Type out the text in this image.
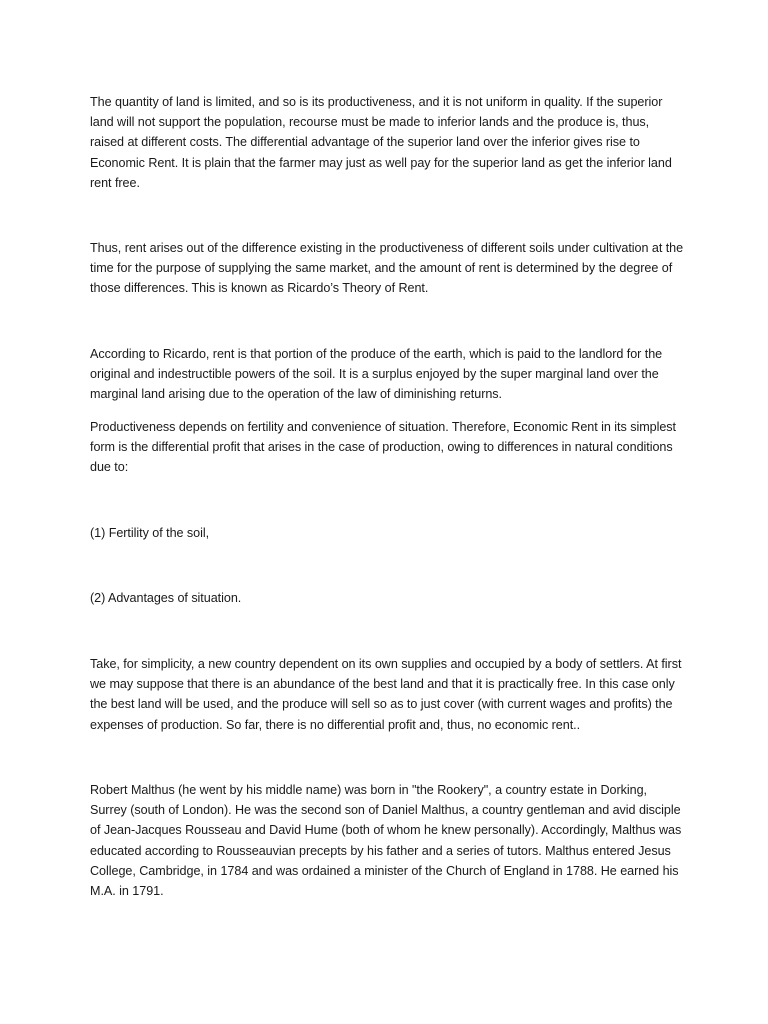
The quantity of land is limited, and so is its productiveness, and it is not uniform in quality. If the superior land will not support the population, recourse must be made to inferior lands and the produce is, thus, raised at different costs. The differential advantage of the superior land over the inferior gives rise to Economic Rent. It is plain that the farmer may just as well pay for the superior land as get the inferior land rent free.

Thus, rent arises out of the difference existing in the productiveness of different soils under cultivation at the time for the purpose of supplying the same market, and the amount of rent is determined by the degree of those differences. This is known as Ricardo’s Theory of Rent.

According to Ricardo, rent is that portion of the produce of the earth, which is paid to the landlord for the original and indestructible powers of the soil. It is a surplus enjoyed by the super marginal land over the marginal land arising due to the operation of the law of diminishing returns.

Productiveness depends on fertility and convenience of situation. Therefore, Economic Rent in its simplest form is the differential profit that arises in the case of production, owing to differences in natural conditions due to:

(1) Fertility of the soil,

(2) Advantages of situation.

Take, for simplicity, a new country dependent on its own supplies and occupied by a body of settlers. At first we may suppose that there is an abundance of the best land and that it is practically free. In this case only the best land will be used, and the produce will sell so as to just cover (with current wages and profits) the expenses of production. So far, there is no differential profit and, thus, no economic rent..

Robert Malthus (he went by his middle name) was born in "the Rookery", a country estate in Dorking, Surrey (south of London). He was the second son of Daniel Malthus, a country gentleman and avid disciple of Jean-Jacques Rousseau and David Hume (both of whom he knew personally). Accordingly, Malthus was educated according to Rousseauvian precepts by his father and a series of tutors. Malthus entered Jesus College, Cambridge, in 1784 and was ordained a minister of the Church of England in 1788. He earned his M.A. in 1791.
